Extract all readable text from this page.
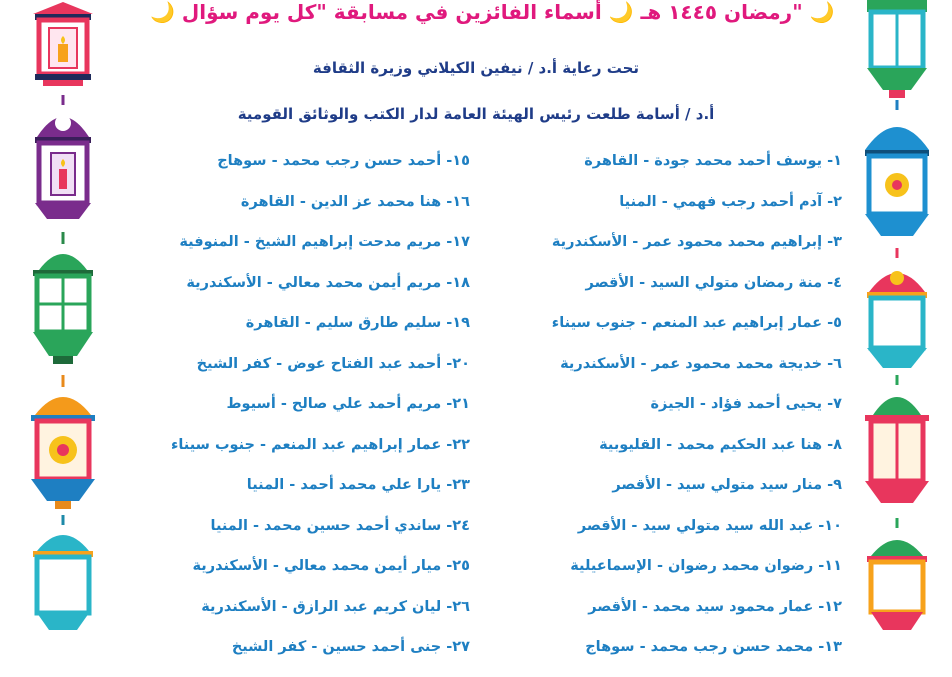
🌙	رمضان ١٤٤٥ هـ 🌙 أسماء الفائزين في مسابقة "كل يوم سؤال" 🌙
تحت رعاية أ.د / نيفين الكيلاني وزيرة الثقافة
أ.د / أسامة طلعت رئيس الهيئة العامة لدار الكتب والوثائق القومية
١- يوسف أحمد محمد جودة - القاهرة
٢- آدم أحمد رجب فهمي - المنيا
٣- إبراهيم محمد محمود عمر - الأسكندرية
٤- منة رمضان متولي السيد - الأقصر
٥- عمار إبراهيم عبد المنعم - جنوب سيناء
٦- خديجة محمد محمود عمر - الأسكندرية
٧- يحيى أحمد فؤاد - الجيزة
٨- هنا عبد الحكيم محمد - القليوبية
٩- منار سيد متولي سيد - الأقصر
١٠- عبد الله سيد متولي سيد - الأقصر
١١- رضوان محمد رضوان - الإسماعيلية
١٢- عمار محمود سيد محمد - الأقصر
١٣- محمد حسن رجب محمد - سوهاج
١٥- أحمد حسن رجب محمد - سوهاج
١٦- هنا محمد عز الدين - القاهرة
١٧- مريم مدحت إبراهيم الشيخ - المنوفية
١٨- مريم أيمن محمد معالي - الأسكندرية
١٩- سليم طارق سليم - القاهرة
٢٠- أحمد عبد الفتاح عوض - كفر الشيخ
٢١- مريم أحمد علي صالح - أسيوط
٢٢- عمار إبراهيم عبد المنعم - جنوب سيناء
٢٣- يارا علي محمد أحمد - المنيا
٢٤- ساندي أحمد حسين محمد - المنيا
٢٥- ميار أيمن محمد معالي - الأسكندرية
٢٦- ليان كريم عبد الرازق - الأسكندرية
٢٧- جنى أحمد حسين - كفر الشيخ
